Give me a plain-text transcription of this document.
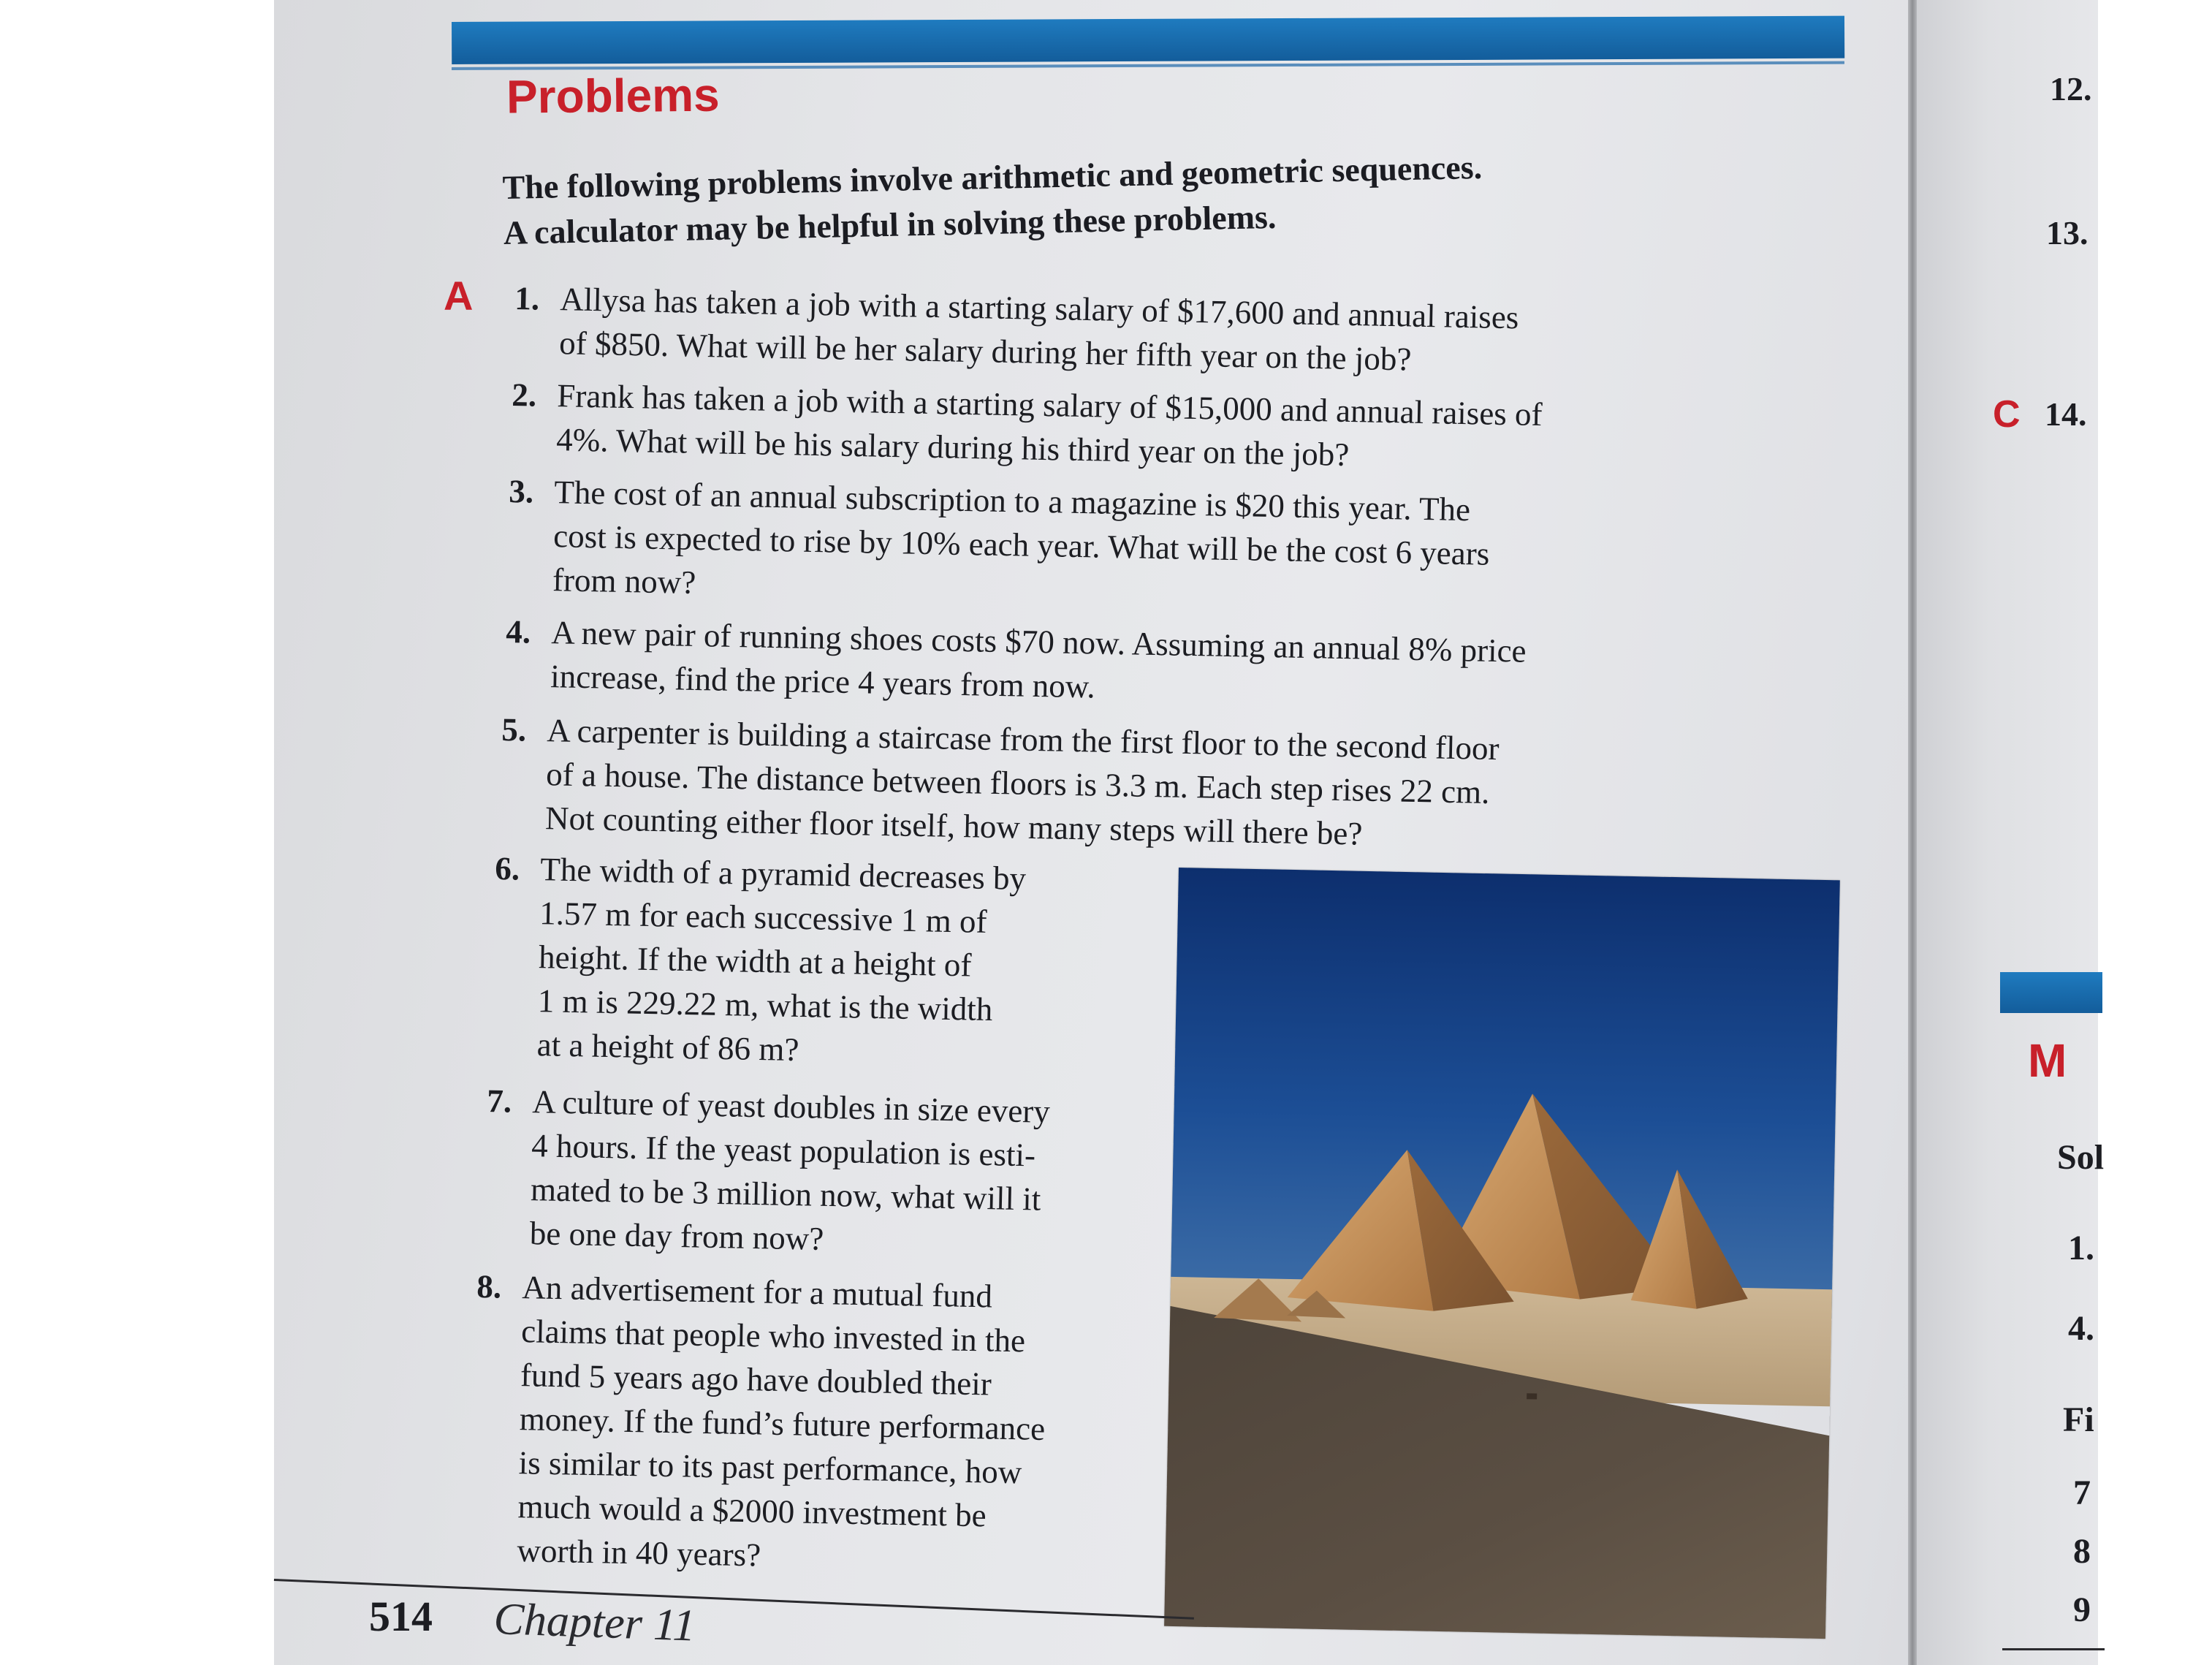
Problems
The following problems involve arithmetic and geometric sequences.
A calculator may be helpful in solving these problems.
A 1. Allysa has taken a job with a starting salary of $17,600 and annual raises
of $850. What will be her salary during her fifth year on the job?
2. Frank has taken a job with a starting salary of $15,000 and annual raises of
4%. What will be his salary during his third year on the job?
3. The cost of an annual subscription to a magazine is $20 this year. The
cost is expected to rise by 10% each year. What will be the cost 6 years
from now?
4. A new pair of running shoes costs $70 now. Assuming an annual 8% price
increase, find the price 4 years from now.
5. A carpenter is building a staircase from the first floor to the second floor
of a house. The distance between floors is 3.3 m. Each step rises 22 cm.
Not counting either floor itself, how many steps will there be?
6. The width of a pyramid decreases by
1.57 m for each successive 1 m of
height. If the width at a height of
1 m is 229.22 m, what is the width
at a height of 86 m?
7. A culture of yeast doubles in size every
4 hours. If the yeast population is esti-
mated to be 3 million now, what will it
be one day from now?
8. An advertisement for a mutual fund
claims that people who invested in the
fund 5 years ago have doubled their
money. If the fund’s future performance
is similar to its past performance, how
much would a $2000 investment be
worth in 40 years?
514 Chapter 11
12.
13.
C 14.
M
Sol
1.
4.
Fi
7
8
9
